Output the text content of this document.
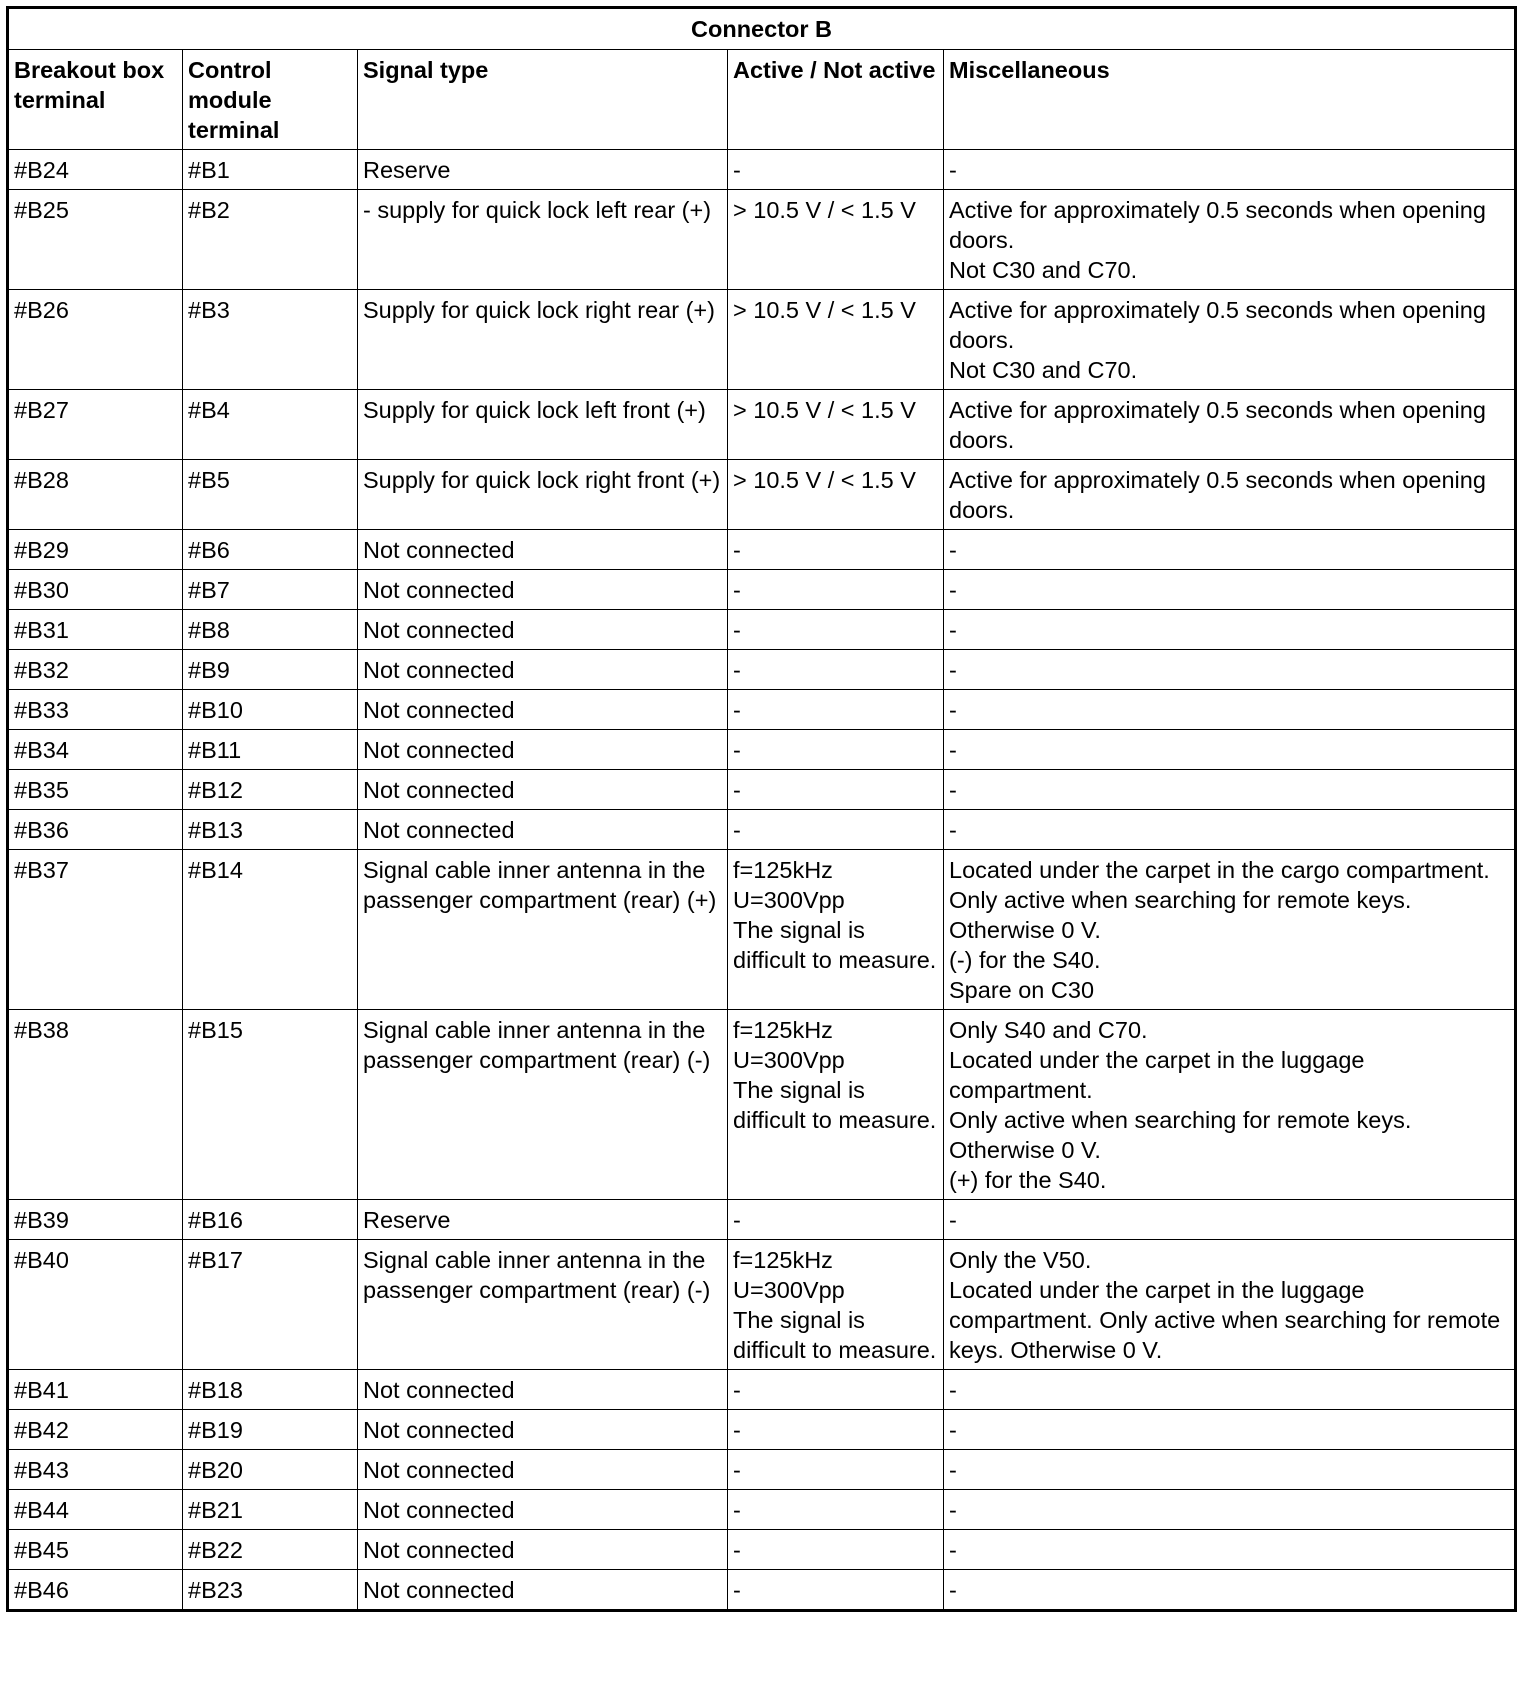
Connector B				
Breakout box terminal	Control module terminal	Signal type	Active / Not active	Miscellaneous
#B24	#B1	Reserve	-	-
#B25	#B2	- supply for quick lock left rear (+)	> 10.5 V / < 1.5 V	Active for approximately 0.5 seconds when opening doors.
Not C30 and C70.
#B26	#B3	Supply for quick lock right rear (+)	> 10.5 V / < 1.5 V	Active for approximately 0.5 seconds when opening doors.
Not C30 and C70.
#B27	#B4	Supply for quick lock left front (+)	> 10.5 V / < 1.5 V	Active for approximately 0.5 seconds when opening doors.
#B28	#B5	Supply for quick lock right front (+)	> 10.5 V / < 1.5 V	Active for approximately 0.5 seconds when opening doors.
#B29	#B6	Not connected	-	-
#B30	#B7	Not connected	-	-
#B31	#B8	Not connected	-	-
#B32	#B9	Not connected	-	-
#B33	#B10	Not connected	-	-
#B34	#B11	Not connected	-	-
#B35	#B12	Not connected	-	-
#B36	#B13	Not connected	-	-
#B37	#B14	Signal cable inner antenna in the passenger compartment (rear) (+)	f=125kHz
U=300Vpp
The signal is difficult to measure.	Located under the carpet in the cargo compartment. Only active when searching for remote keys. Otherwise 0 V.
(-) for the S40.
Spare on C30
#B38	#B15	Signal cable inner antenna in the passenger compartment (rear) (-)	f=125kHz
U=300Vpp
The signal is difficult to measure.	Only S40 and C70.
Located under the carpet in the luggage compartment.
Only active when searching for remote keys. Otherwise 0 V.
(+) for the S40.
#B39	#B16	Reserve	-	-
#B40	#B17	Signal cable inner antenna in the passenger compartment (rear) (-)	f=125kHz
U=300Vpp
The signal is difficult to measure.	Only the V50.
Located under the carpet in the luggage compartment. Only active when searching for remote keys. Otherwise 0 V.
#B41	#B18	Not connected	-	-
#B42	#B19	Not connected	-	-
#B43	#B20	Not connected	-	-
#B44	#B21	Not connected	-	-
#B45	#B22	Not connected	-	-
#B46	#B23	Not connected	-	-
